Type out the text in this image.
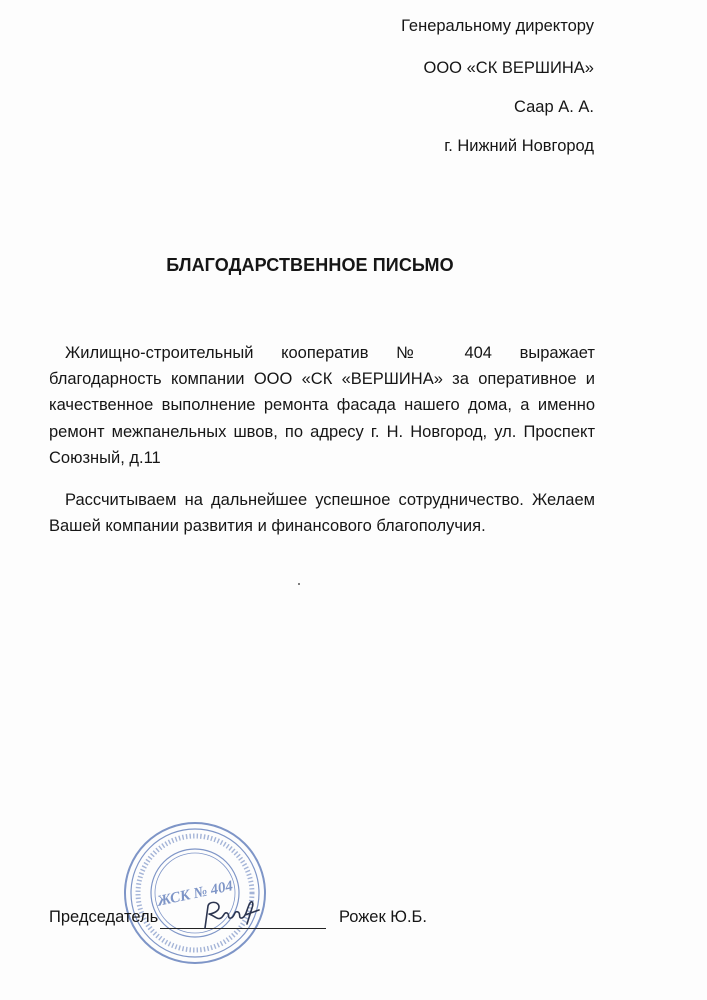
Генеральному директору
ООО «СК ВЕРШИНА»
Саар А. А.
г. Нижний Новгород
БЛАГОДАРСТВЕННОЕ ПИСЬМО
Жилищно-строительный кооператив № 404 выражает благодарность компании ООО «СК «ВЕРШИНА» за оперативное и качественное выполнение ремонта фасада нашего дома, а именно ремонт межпанельных швов, по адресу г. Н. Новгород, ул. Проспект Союзный, д.11
Рассчитываем на дальнейшее успешное сотрудничество. Желаем Вашей компании развития и финансового благополучия.
ЖСК № 404
Председатель	Рожек Ю.Б.
